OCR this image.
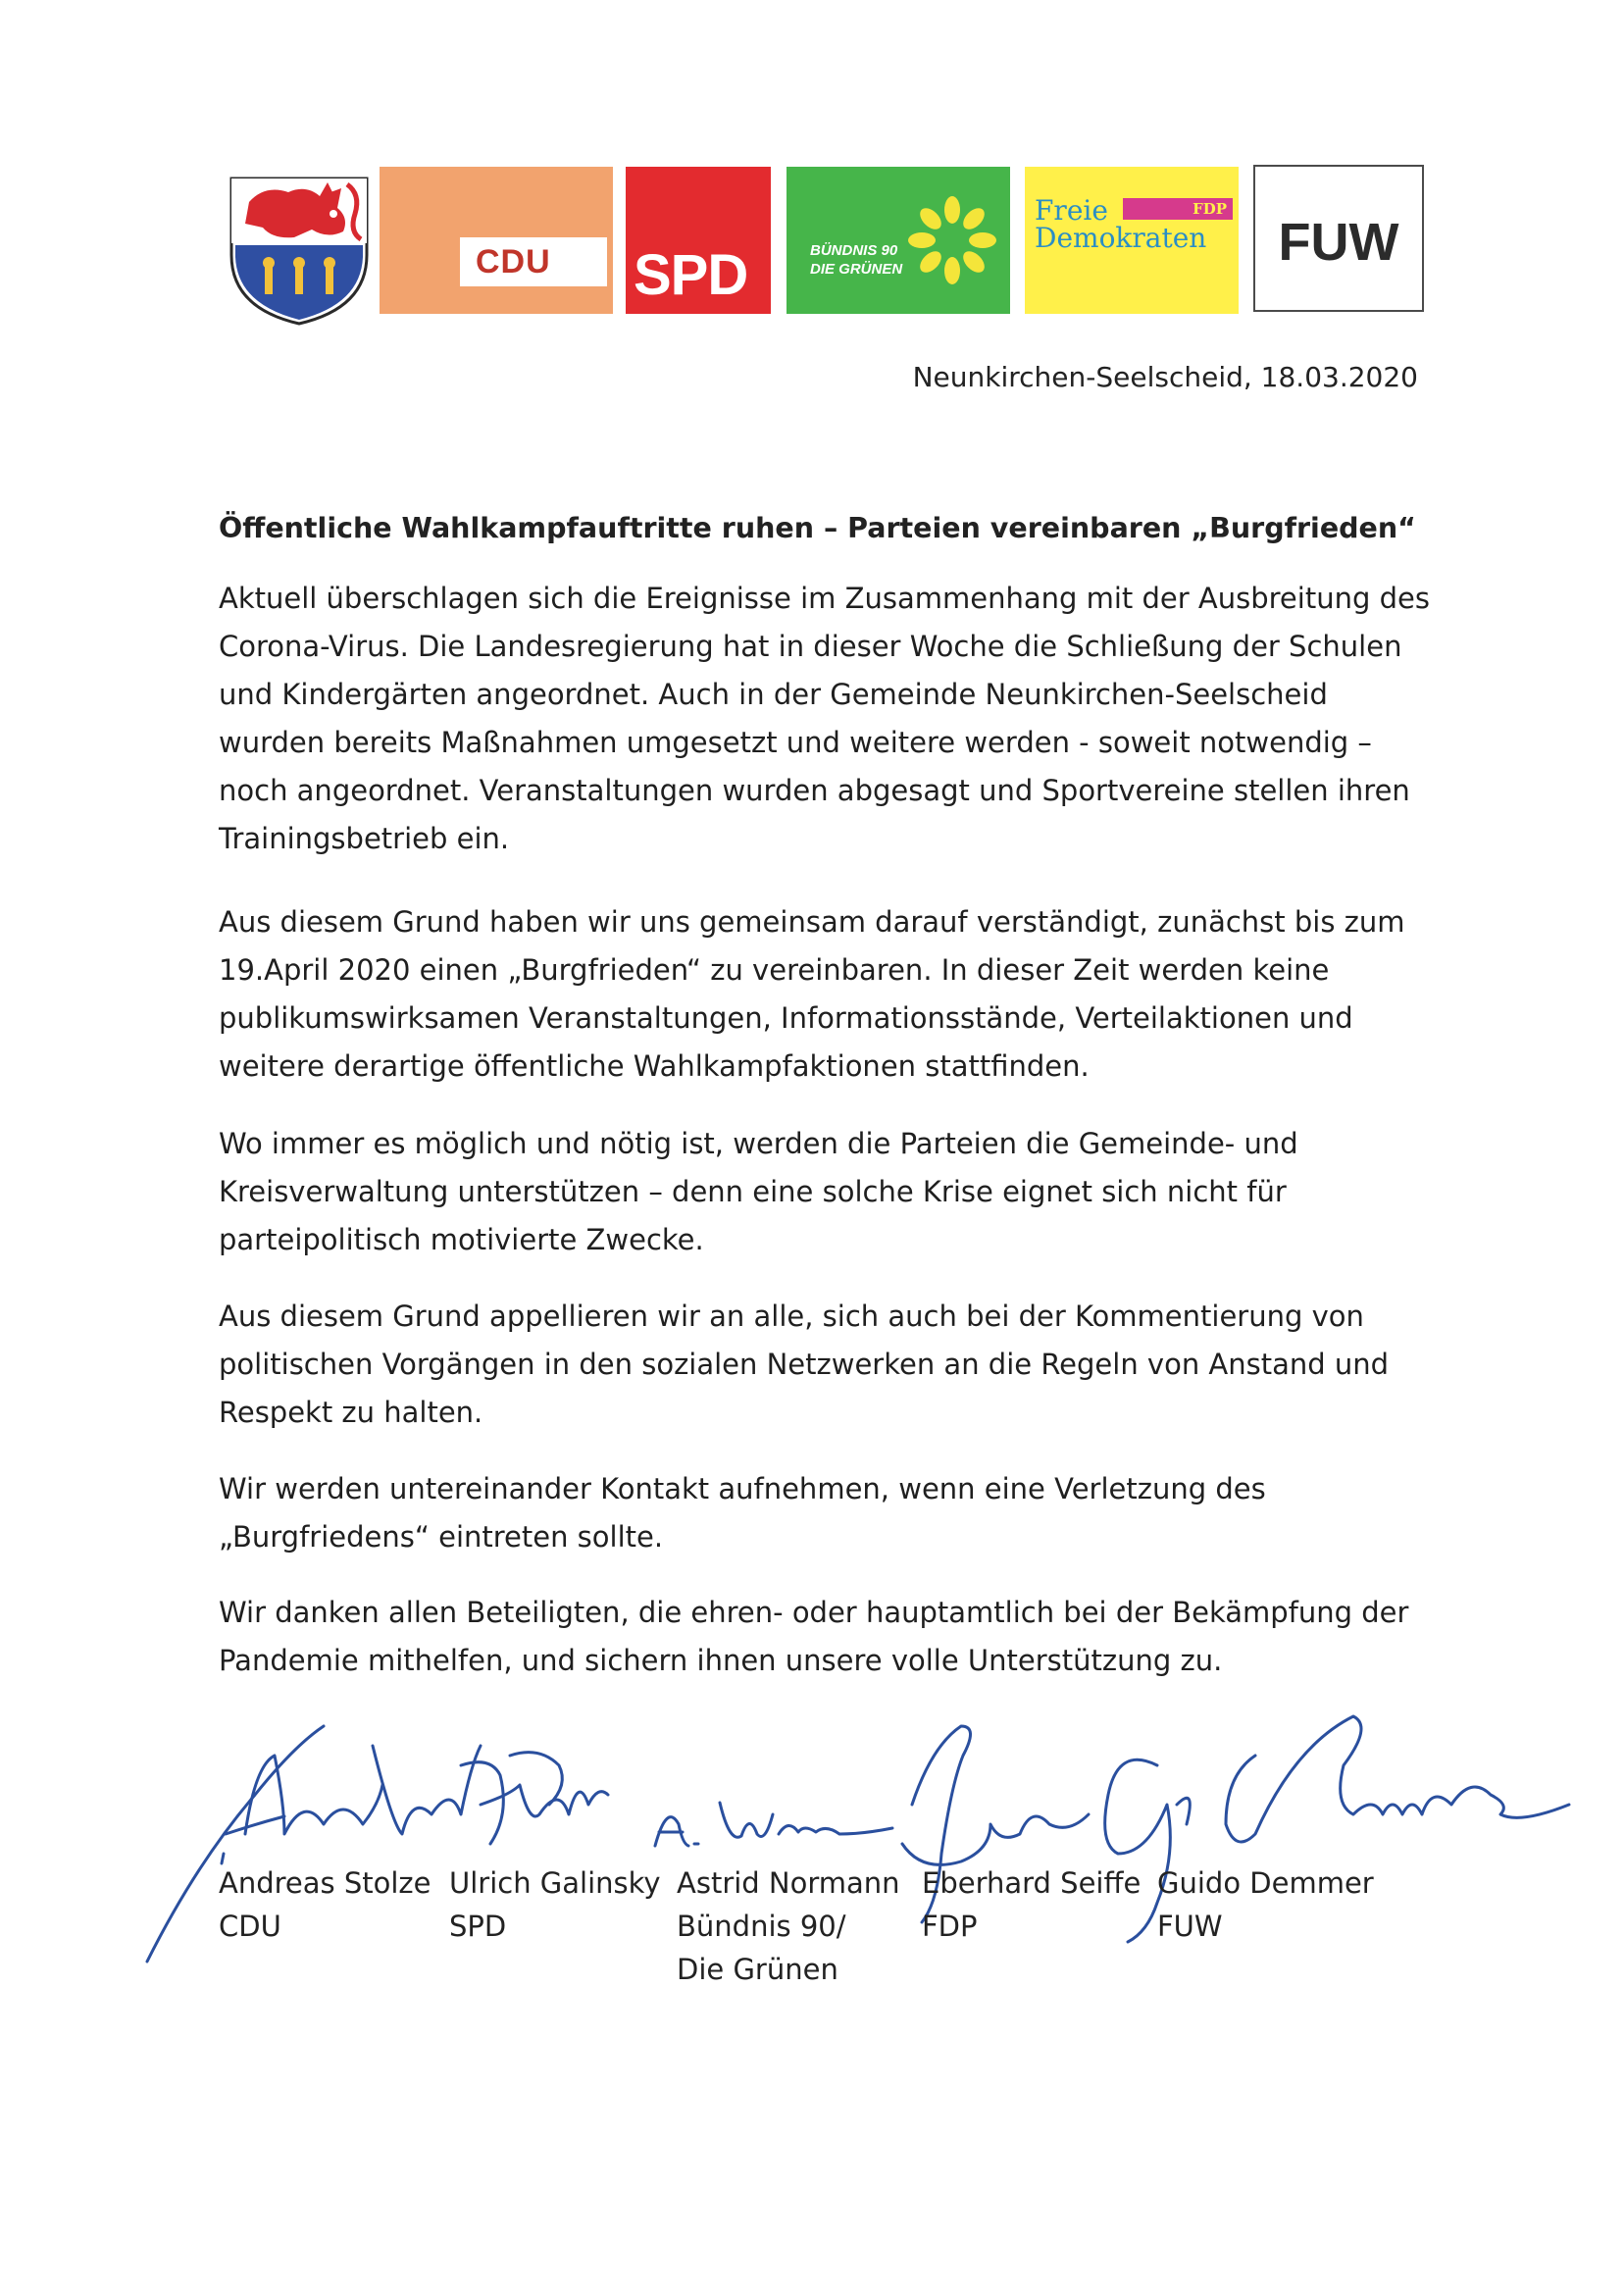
CDU	SPD	BÜNDNIS 90
DIE GRÜNEN
FDP
Freie
Demokraten	FUW
Neunkirchen-Seelscheid, 18.03.2020
Öffentliche Wahlkampfauftritte ruhen – Parteien vereinbaren „Burgfrieden“
Aktuell überschlagen sich die Ereignisse im Zusammenhang mit der Ausbreitung des
Corona-Virus. Die Landesregierung hat in dieser Woche die Schließung der Schulen
und Kindergärten angeordnet. Auch in der Gemeinde Neunkirchen-Seelscheid
wurden bereits Maßnahmen umgesetzt und weitere werden - soweit notwendig –
noch angeordnet. Veranstaltungen wurden abgesagt und Sportvereine stellen ihren
Trainingsbetrieb ein.
Aus diesem Grund haben wir uns gemeinsam darauf verständigt, zunächst bis zum
19.April 2020 einen „Burgfrieden“ zu vereinbaren. In dieser Zeit werden keine
publikumswirksamen Veranstaltungen, Informationsstände, Verteilaktionen und
weitere derartige öffentliche Wahlkampfaktionen stattfinden.
Wo immer es möglich und nötig ist, werden die Parteien die Gemeinde- und
Kreisverwaltung unterstützen – denn eine solche Krise eignet sich nicht für
parteipolitisch motivierte Zwecke.
Aus diesem Grund appellieren wir an alle, sich auch bei der Kommentierung von
politischen Vorgängen in den sozialen Netzwerken an die Regeln von Anstand und
Respekt zu halten.
Wir werden untereinander Kontakt aufnehmen, wenn eine Verletzung des
„Burgfriedens“ eintreten sollte.
Wir danken allen Beteiligten, die ehren- oder hauptamtlich bei der Bekämpfung der
Pandemie mithelfen, und sichern ihnen unsere volle Unterstützung zu.
Andreas Stolze
CDU
Ulrich Galinsky
SPD
Astrid Normann
Bündnis 90/
Die Grünen
Eberhard Seiffe
FDP
Guido Demmer
FUW
